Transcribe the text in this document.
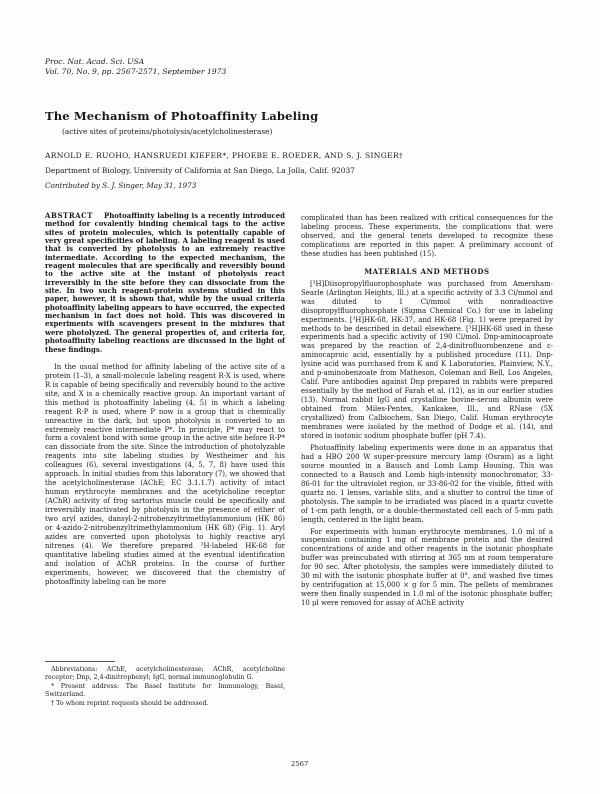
Proc. Nat. Acad. Sci. USA
Vol. 70, No. 9, pp. 2567-2571, September 1973
The Mechanism of Photoaffinity Labeling
(active sites of proteins/photolysis/acetylcholinesterase)
ARNOLD E. RUOHO, HANSRUEDI KIEFER*, PHOEBE E. ROEDER, AND S. J. SINGER†
Department of Biology, University of California at San Diego, La Jolla, Calif. 92037
Contributed by S. J. Singer, May 31, 1973

ABSTRACT Photoaffinity labeling is a recently introduced method for covalently binding chemical tags to the active sites of protein molecules, which is potentially capable of very great specificities of labeling. A labeling reagent is used that is converted by photolysis to an extremely reactive intermediate. According to the expected mechanism, the reagent molecules that are specifically and reversibly bound to the active site at the instant of photolysis react irreversibly in the site before they can dissociate from the site. In two such reagent-protein systems studied in this paper, however, it is shown that, while by the usual criteria photoaffinity labeling appears to have occurred, the expected mechanism in fact does not hold. This was discovered in experiments with scavengers present in the mixtures that were photolyzed. The general properties of, and criteria for, photoaffinity labeling reactions are discussed in the light of these findings.

In the usual method for affinity labeling of the active site of a protein (1–3), a small-molecule labeling reagent R-X is used, where R is capable of being specifically and reversibly bound to the active site, and X is a chemically reactive group. An important variant of this method is photoaffinity labeling (4, 5) in which a labeling reagent R-P is used, where P now is a group that is chemically unreactive in the dark, but upon photolysis is converted to an extremely reactive intermediate P*. In principle, P* may react to form a covalent bond with some group in the active site before R-P* can dissociate from the site. Since the introduction of photolyzable reagents into site labeling studies by Westheimer and his colleagues (6), several investigations (4, 5, 7, 8) have used this approach. In initial studies from this laboratory (7), we showed that the acetylcholinesterase (AChE; EC 3.1.1.7) activity of intact human erythrocyte membranes and the acetylcholine receptor (AChR) activity of frog sartorius muscle could be specifically and irreversibly inactivated by photolysis in the presence of either of two aryl azides, dansyl-2-nitrobenzyltrimethylammonium (HK 86) or 4-azido-2-nitrobenzyltrimethylammonium (HK 68) (Fig. 1). Aryl azides are converted upon photolysis to highly reactive aryl nitrenes (4). We therefore prepared ³H-labeled HK-68 for quantitative labeling studies aimed at the eventual identification and isolation of AChR proteins. In the course of further experiments, however, we discovered that the chemistry of photoaffinity labeling can be more

Abbreviations: AChE, acetylcholinesterase; AChR, acetylcholine receptor; Dnp, 2,4-dinitrophenyl; IgG, normal immunoglobulin G.

* Present address: The Basel Institute for Immunology, Basel, Switzerland.

† To whom reprint requests should be addressed.

complicated than has been realized with critical consequences for the labeling process. These experiments, the complications that were observed, and the general tenets developed to recognize these complications are reported in this paper. A preliminary account of these studies has been published (15).

MATERIALS AND METHODS

[³H]Diisopropylfluorophosphate was purchased from Amersham-Searle (Arlington Heights, Ill.) at a specific activity of 3.3 Ci/mmol and was diluted to 1 Ci/mmol with nonradioactive diisopropylfluorophosphate (Sigma Chemical Co.) for use in labeling experiments. [³H]HK-68, HK-37, and HK-68 (Fig. 1) were prepared by methods to be described in detail elsewhere. [³H]HK-68 used in these experiments had a specific activity of 190 Ci/mol. Dnp-aminocaproate was prepared by the reaction of 2,4-dinitrofluorobenzene and ε-aminocaproic acid, essentially by a published procedure (11). Dnp-lysine acid was purchased from K and K Laboratories, Plainview, N.Y., and p-aminobenzoate from Matheson, Coleman and Bell, Los Angeles, Calif. Pure antibodies against Dnp prepared in rabbits were prepared essentially by the method of Farah et al. (12), as in our earlier studies (13). Normal rabbit IgG and crystalline bovine-serum albumin were obtained from Miles-Pentex, Kankakee, Ill., and RNase (5X crystallized) from Calbiochem, San Diego, Calif. Human erythrocyte membranes were isolated by the method of Dodge et al. (14), and stored in isotonic sodium phosphate buffer (pH 7.4).

Photoaffinity labeling experiments were done in an apparatus that had a HBO 200 W super-pressure mercury lamp (Osram) as a light source mounted in a Bausch and Lomb Lamp Housing. This was connected to a Bausch and Lomb high-intensity monochromator, 33-86-01 for the ultraviolet region, or 33-86-02 for the visible, fitted with quartz no. 1 lenses, variable slits, and a shutter to control the time of photolysis. The sample to be irradiated was placed in a quartz cuvette of 1-cm path length, or a double-thermostated cell each of 5-mm path length, centered in the light beam.

For experiments with human erythrocyte membranes, 1.0 ml of a suspension containing 1 mg of membrane protein and the desired concentrations of azide and other reagents in the isotonic phosphate buffer was preincubated with stirring at 365 nm at room temperature for 90 sec. After photolysis, the samples were immediately diluted to 30 ml with the isotonic phosphate buffer at 0°, and washed five times by centrifugation at 15,000 × g for 5 min. The pellets of membranes were then finally suspended in 1.0 ml of the isotonic phosphate buffer; 10 μl were removed for assay of AChE activity

2567
